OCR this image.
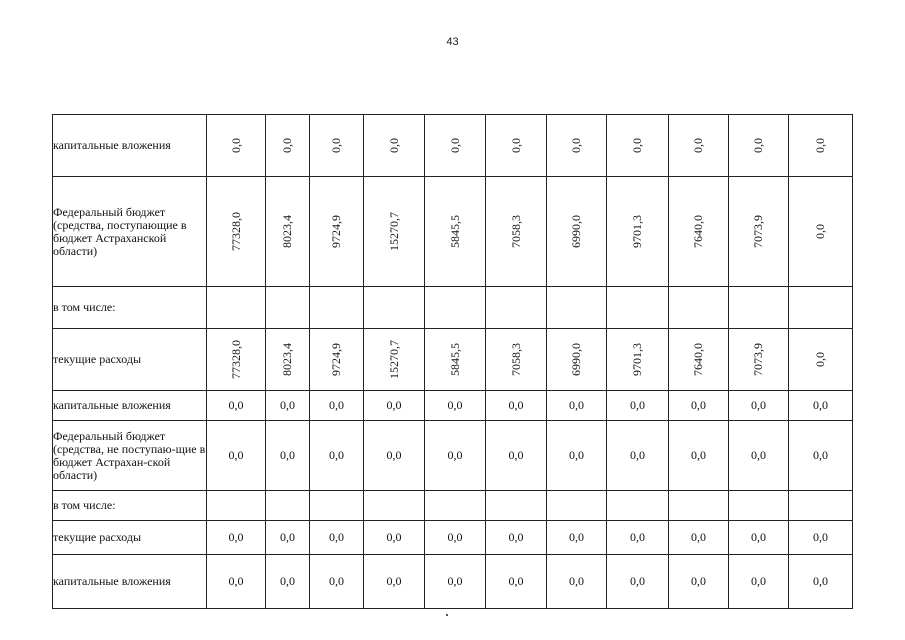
43
капитальные вложения	0,0	0,0	0,0	0,0	0,0	0,0	0,0	0,0	0,0	0,0	0,0
Федеральный бюджет (средства, поступающие в бюджет Астраханской области)	77328,0	8023,4	9724,9	15270,7	5845,5	7058,3	6990,0	9701,3	7640,0	7073,9	0,0
в том числе:											
текущие расходы	77328,0	8023,4	9724,9	15270,7	5845,5	7058,3	6990,0	9701,3	7640,0	7073,9	0,0
капитальные вложения	0,0	0,0	0,0	0,0	0,0	0,0	0,0	0,0	0,0	0,0	0,0
Федеральный бюджет (средства, не поступаю-щие в бюджет Астрахан-ской области)	0,0	0,0	0,0	0,0	0,0	0,0	0,0	0,0	0,0	0,0	0,0
в том числе:											
текущие расходы	0,0	0,0	0,0	0,0	0,0	0,0	0,0	0,0	0,0	0,0	0,0
капитальные вложения	0,0	0,0	0,0	0,0	0,0	0,0	0,0	0,0	0,0	0,0	0,0
